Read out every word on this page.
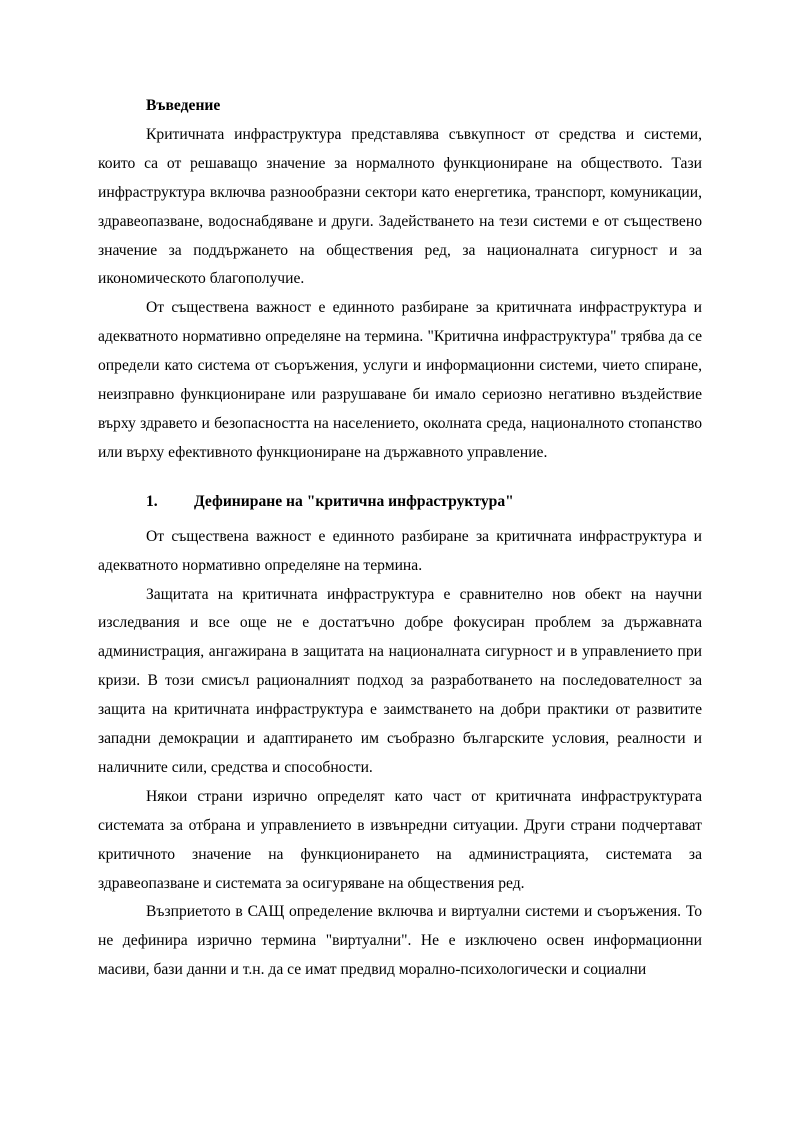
Въведение

Критичната инфраструктура представлява съвкупност от средства и системи, които са от решаващо значение за нормалното функциониране на обществото. Тази инфраструктура включва разнообразни сектори като енергетика, транспорт, комуникации, здравеопазване, водоснабдяване и други. Задействането на тези системи е от съществено значение за поддържането на обществения ред, за националната сигурност и за икономическото благополучие.

От съществена важност е единното разбиране за критичната инфраструктура и адекватното нормативно определяне на термина. "Критична инфраструктура" трябва да се определи като система от съоръжения, услуги и информационни системи, чието спиране, неизправно функциониране или разрушаване би имало сериозно негативно въздействие върху здравето и безопасността на населението, околната среда, националното стопанство или върху ефективното функциониране на държавното управление.

1. Дефиниране на "критична инфраструктура"

От съществена важност е единното разбиране за критичната инфраструктура и адекватното нормативно определяне на термина.

Защитата на критичната инфраструктура е сравнително нов обект на научни изследвания и все още не е достатъчно добре фокусиран проблем за държавната администрация, ангажирана в защитата на националната сигурност и в управлението при кризи. В този смисъл рационалният подход за разработването на последователност за защита на критичната инфраструктура е заимстването на добри практики от развитите западни демокрации и адаптирането им съобразно българските условия, реалности и наличните сили, средства и способности.

Някои страни изрично определят като част от критичната инфраструктурата системата за отбрана и управлението в извънредни ситуации. Други страни подчертават критичното значение на функционирането на администрацията, системата за здравеопазване и системата за осигуряване на обществения ред.

Възприетото в САЩ определение включва и виртуални системи и съоръжения. То не дефинира изрично термина "виртуални". Не е изключено освен информационни масиви, бази данни и т.н. да се имат предвид морално-психологически и социални
